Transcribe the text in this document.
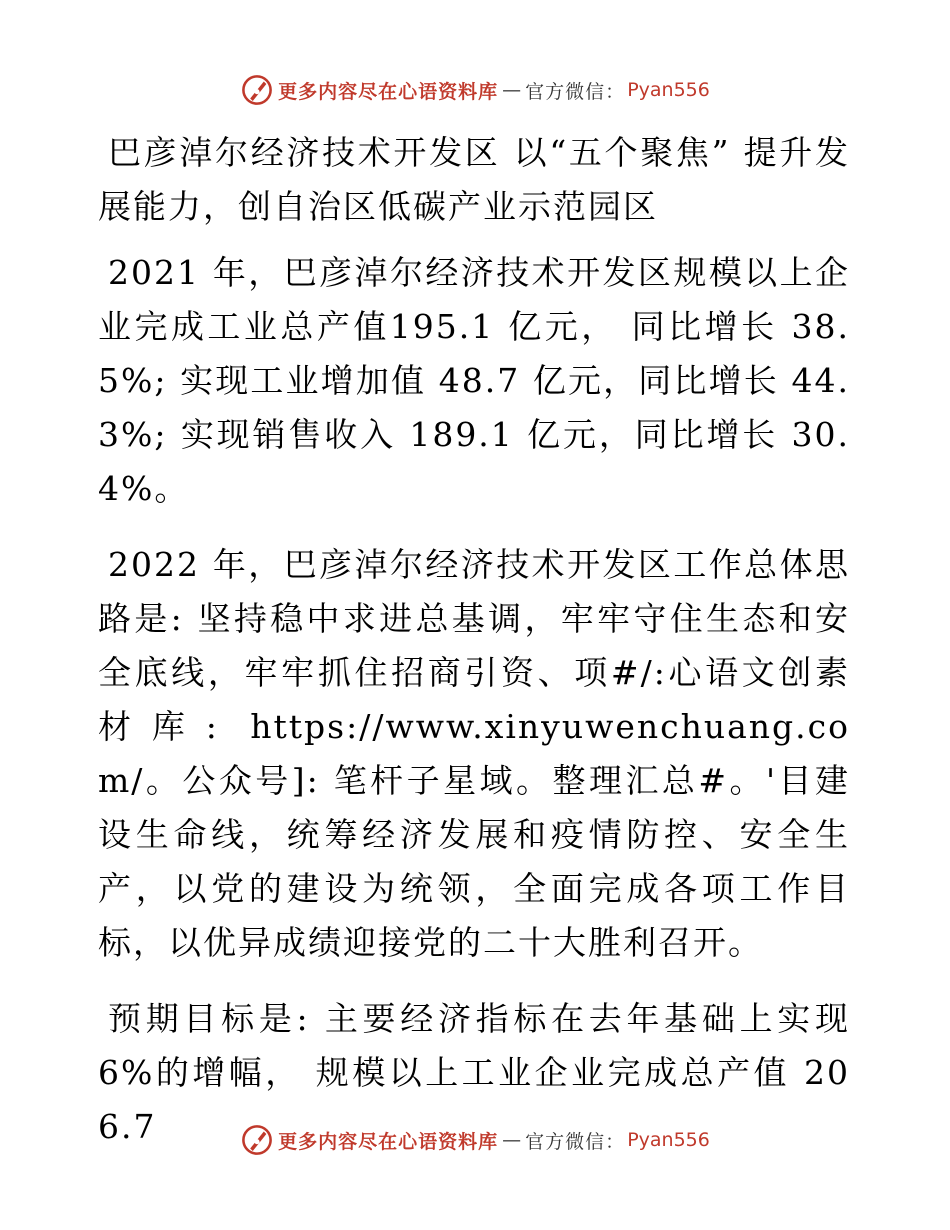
更多内容尽在心语资料库 — 官方微信： Pyan556

巴彦淖尔经济技术开发区 以“五个聚焦” 提升发展能力，创自治区低碳产业示范园区

2021 年，巴彦淖尔经济技术开发区规模以上企业完成工业总产值195.1 亿元， 同比增长 38.5%; 实现工业增加值 48.7 亿元，同比增长 44.3%; 实现销售收入 189.1 亿元，同比增长 30.4%。

2022 年，巴彦淖尔经济技术开发区工作总体思路是: 坚持稳中求进总基调，牢牢守住生态和安全底线，牢牢抓住招商引资、项#/:心语文创素材库: https://www.xinyuwenchuang.com/。公众号]: 笔杆子星域。整理汇总#。'目建设生命线，统筹经济发展和疫情防控、安全生产，以党的建设为统领，全面完成各项工作目标，以优异成绩迎接党的二十大胜利召开。

预期目标是: 主要经济指标在去年基础上实现6%的增幅， 规模以上工业企业完成总产值 206.7	更多内容尽在心语资料库 — 官方微信： Pyan556
